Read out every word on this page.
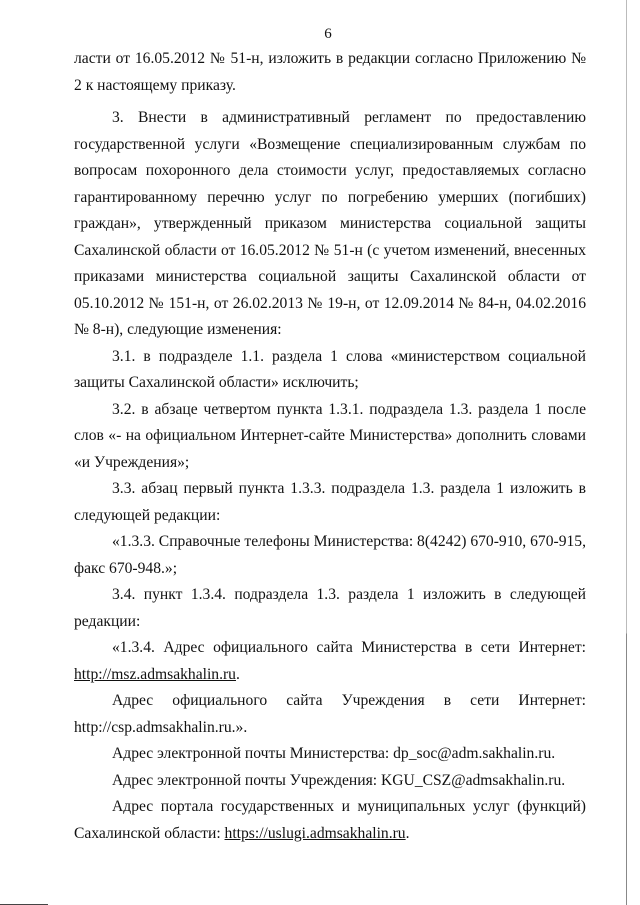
6

ласти от 16.05.2012 № 51-н, изложить в редакции согласно Приложению № 2 к настоящему приказу.

3. Внести в административный регламент по предоставлению государственной услуги «Возмещение специализированным службам по вопросам похоронного дела стоимости услуг, предоставляемых согласно гарантированному перечню услуг по погребению умерших (погибших) граждан», утвержденный приказом министерства социальной защиты Сахалинской области от 16.05.2012 № 51-н (с учетом изменений, внесенных приказами министерства социальной защиты Сахалинской области от 05.10.2012 № 151-н, от 26.02.2013 № 19-н, от 12.09.2014 № 84-н, 04.02.2016 № 8-н), следующие изменения:

3.1. в подразделе 1.1. раздела 1 слова «министерством социальной защиты Сахалинской области» исключить;

3.2. в абзаце четвертом пункта 1.3.1. подраздела 1.3. раздела 1 после слов «- на официальном Интернет-сайте Министерства» дополнить словами «и Учреждения»;

3.3. абзац первый пункта 1.3.3. подраздела 1.3. раздела 1 изложить в следующей редакции:

«1.3.3. Справочные телефоны Министерства: 8(4242) 670-910, 670-915, факс 670-948.»;

3.4. пункт 1.3.4. подраздела 1.3. раздела 1 изложить в следующей редакции:

«1.3.4. Адрес официального сайта Министерства в сети Интернет: http://msz.admsakhalin.ru.

Адрес официального сайта Учреждения в сети Интернет: http://csp.admsakhalin.ru.».

Адрес электронной почты Министерства: dp_soc@adm.sakhalin.ru.

Адрес электронной почты Учреждения: KGU_CSZ@admsakhalin.ru.

Адрес портала государственных и муниципальных услуг (функций) Сахалинской области: https://uslugi.admsakhalin.ru.
